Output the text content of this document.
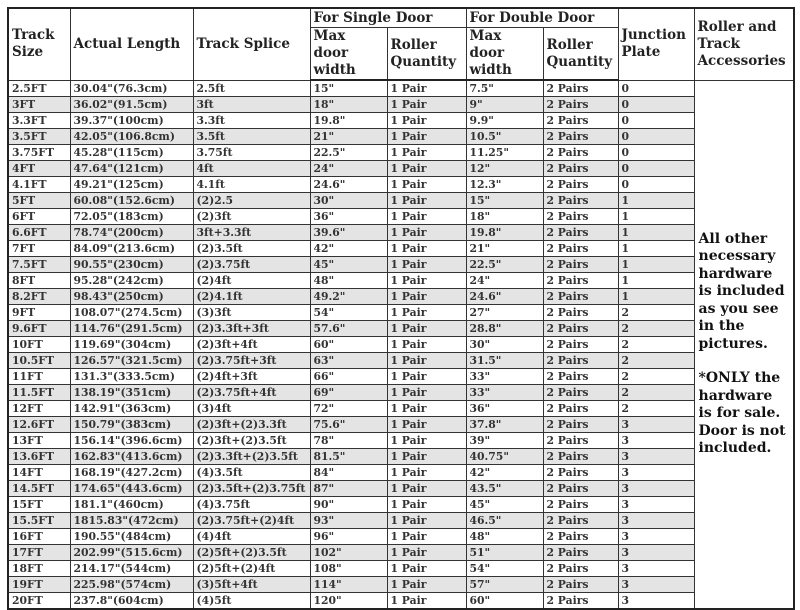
Track Size	Actual Length	Track Splice	For Single Door		For Double Door		Junction Plate	Roller and Track Accessories
			Max door width	Roller Quantity	Max door width	Roller Quantity		
2.5FT	30.04"(76.3cm)	2.5ft	15"	1 Pair	7.5"	2 Pairs	0	All other necessary hardware is included as you see in the pictures.

*ONLY the hardware is for sale. Door is not included.

3FT	36.02"(91.5cm)	3ft	18"	1 Pair	9"	2 Pairs	0	
3.3FT	39.37"(100cm)	3.3ft	19.8"	1 Pair	9.9"	2 Pairs	0	
3.5FT	42.05"(106.8cm)	3.5ft	21"	1 Pair	10.5"	2 Pairs	0	
3.75FT	45.28"(115cm)	3.75ft	22.5"	1 Pair	11.25"	2 Pairs	0	
4FT	47.64"(121cm)	4ft	24"	1 Pair	12"	2 Pairs	0	
4.1FT	49.21"(125cm)	4.1ft	24.6"	1 Pair	12.3"	2 Pairs	0	
5FT	60.08"(152.6cm)	(2)2.5	30"	1 Pair	15"	2 Pairs	1	
6FT	72.05"(183cm)	(2)3ft	36"	1 Pair	18"	2 Pairs	1	
6.6FT	78.74"(200cm)	3ft+3.3ft	39.6"	1 Pair	19.8"	2 Pairs	1	
7FT	84.09"(213.6cm)	(2)3.5ft	42"	1 Pair	21"	2 Pairs	1	
7.5FT	90.55"(230cm)	(2)3.75ft	45"	1 Pair	22.5"	2 Pairs	1	
8FT	95.28"(242cm)	(2)4ft	48"	1 Pair	24"	2 Pairs	1	
8.2FT	98.43"(250cm)	(2)4.1ft	49.2"	1 Pair	24.6"	2 Pairs	1	
9FT	108.07"(274.5cm)	(3)3ft	54"	1 Pair	27"	2 Pairs	2	
9.6FT	114.76"(291.5cm)	(2)3.3ft+3ft	57.6"	1 Pair	28.8"	2 Pairs	2	
10FT	119.69"(304cm)	(2)3ft+4ft	60"	1 Pair	30"	2 Pairs	2	
10.5FT	126.57"(321.5cm)	(2)3.75ft+3ft	63"	1 Pair	31.5"	2 Pairs	2	
11FT	131.3"(333.5cm)	(2)4ft+3ft	66"	1 Pair	33"	2 Pairs	2	
11.5FT	138.19"(351cm)	(2)3.75ft+4ft	69"	1 Pair	33"	2 Pairs	2	
12FT	142.91"(363cm)	(3)4ft	72"	1 Pair	36"	2 Pairs	2	
12.6FT	150.79"(383cm)	(2)3ft+(2)3.3ft	75.6"	1 Pair	37.8"	2 Pairs	3	
13FT	156.14"(396.6cm)	(2)3ft+(2)3.5ft	78"	1 Pair	39"	2 Pairs	3	
13.6FT	162.83"(413.6cm)	(2)3.3ft+(2)3.5ft	81.5"	1 Pair	40.75"	2 Pairs	3	
14FT	168.19"(427.2cm)	(4)3.5ft	84"	1 Pair	42"	2 Pairs	3	
14.5FT	174.65"(443.6cm)	(2)3.5ft+(2)3.75ft	87"	1 Pair	43.5"	2 Pairs	3	
15FT	181.1"(460cm)	(4)3.75ft	90"	1 Pair	45"	2 Pairs	3	
15.5FT	1815.83"(472cm)	(2)3.75ft+(2)4ft	93"	1 Pair	46.5"	2 Pairs	3	
16FT	190.55"(484cm)	(4)4ft	96"	1 Pair	48"	2 Pairs	3	
17FT	202.99"(515.6cm)	(2)5ft+(2)3.5ft	102"	1 Pair	51"	2 Pairs	3	
18FT	214.17"(544cm)	(2)5ft+(2)4ft	108"	1 Pair	54"	2 Pairs	3	
19FT	225.98"(574cm)	(3)5ft+4ft	114"	1 Pair	57"	2 Pairs	3	
20FT	237.8"(604cm)	(4)5ft	120"	1 Pair	60"	2 Pairs	3	
